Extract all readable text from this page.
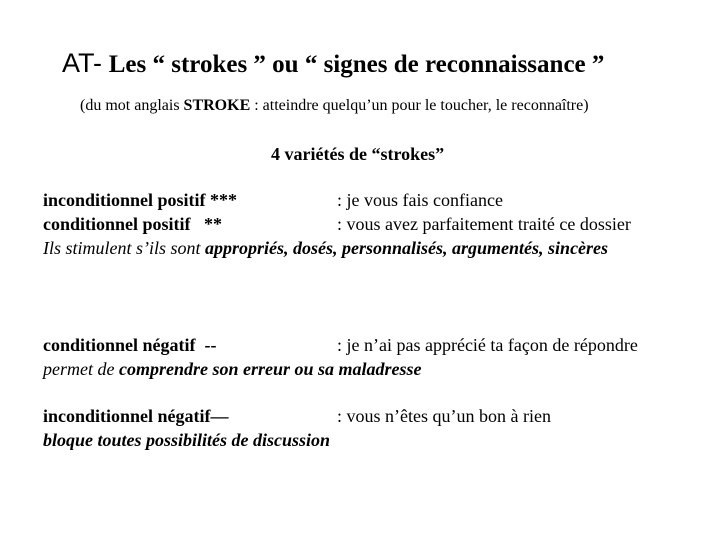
AT- Les “ strokes ” ou “ signes de reconnaissance ”
(du mot anglais STROKE : atteindre quelqu’un pour le toucher, le reconnaître)
4 variétés de “strokes”
inconditionnel positif ***	: je vous fais confiance
conditionnel positif   **	: vous avez parfaitement traité ce dossier
Ils stimulent s’ils sont appropriés, dosés, personnalisés, argumentés, sincères
conditionnel négatif  --	: je n’ai pas apprécié ta façon de répondre
permet de comprendre son erreur ou sa maladresse
inconditionnel négatif—	: vous n’êtes qu’un bon à rien
bloque toutes possibilités de discussion
